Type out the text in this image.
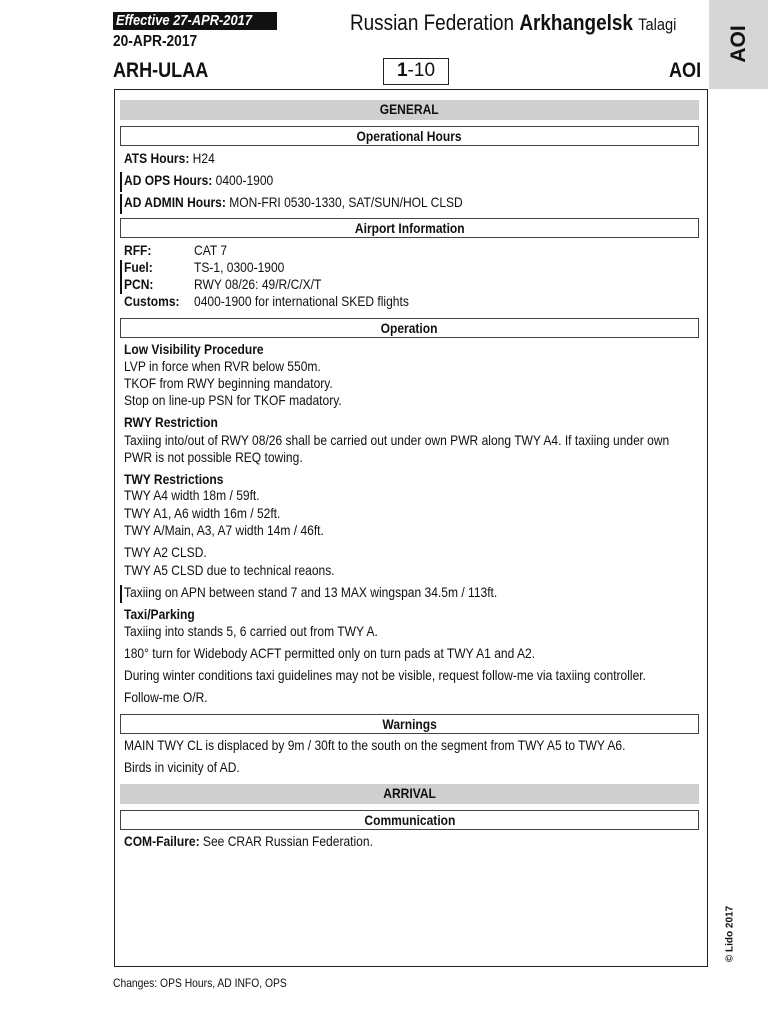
Effective 27-APR-2017
20-APR-2017
Russian Federation Arkhangelsk Talagi
ARH-ULAA	1-10	AOI
AOI
GENERAL
Operational Hours
ATS Hours: H24
AD OPS Hours: 0400-1900
AD ADMIN Hours: MON-FRI 0530-1330, SAT/SUN/HOL CLSD
Airport Information
RFF:	CAT 7
Fuel:	TS-1, 0300-1900
PCN:	RWY 08/26: 49/R/C/X/T
Customs:	0400-1900 for international SKED flights
Operation
Low Visibility Procedure
LVP in force when RVR below 550m.
TKOF from RWY beginning mandatory.
Stop on line-up PSN for TKOF madatory.
RWY Restriction
Taxiing into/out of RWY 08/26 shall be carried out under own PWR along TWY A4. If taxiing under own
PWR is not possible REQ towing.
TWY Restrictions
TWY A4 width 18m / 59ft.
TWY A1, A6 width 16m / 52ft.
TWY A/Main, A3, A7 width 14m / 46ft.
TWY A2 CLSD.
TWY A5 CLSD due to technical reaons.
Taxiing on APN between stand 7 and 13 MAX wingspan 34.5m / 113ft.
Taxi/Parking
Taxiing into stands 5, 6 carried out from TWY A.
180° turn for Widebody ACFT permitted only on turn pads at TWY A1 and A2.
During winter conditions taxi guidelines may not be visible, request follow-me via taxiing controller.
Follow-me O/R.
Warnings
MAIN TWY CL is displaced by 9m / 30ft to the south on the segment from TWY A5 to TWY A6.
Birds in vicinity of AD.
ARRIVAL
Communication
COM-Failure: See CRAR Russian Federation.
Changes: OPS Hours, AD INFO, OPS
© Lido 2017
